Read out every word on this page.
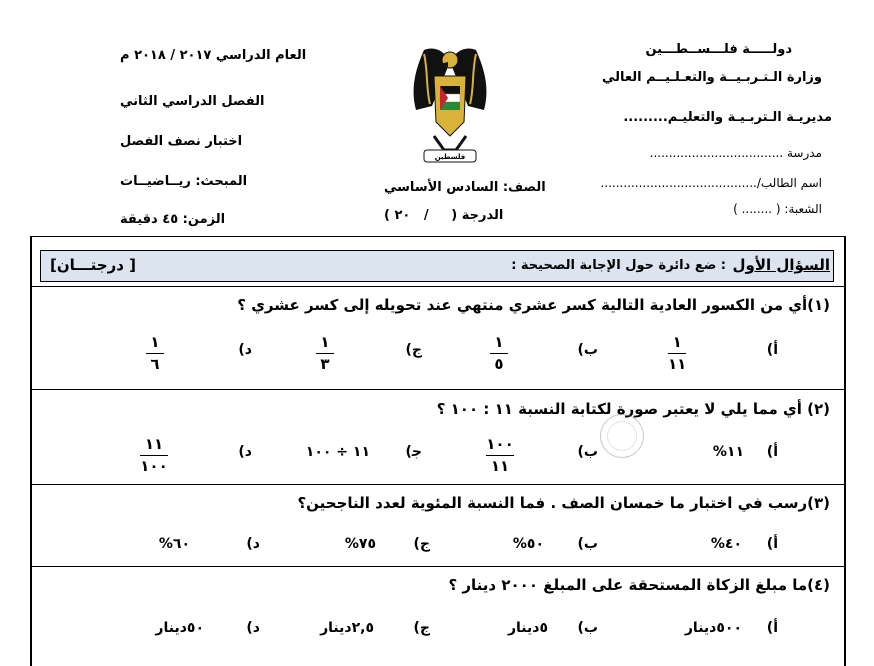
دولـــــة فلـــســطـــين
وزارة الـتـربـيــة والتعـلـيــم العالي
مديريـة الـتربـيـة والتعليـم.........
مدرسة ...................................
اسم الطالب/.........................................
الشعبة: ( ........ )
فلسطين
الصف: السادس الأساسي
الدرجة (     /   ٢٠ )
العام الدراسي ٢٠١٧ / ٢٠١٨ م
الفصل الدراسي الثاني
اختبار نصف الفصل
المبحث: ريــاضيــات
الزمن: ٤٥ دقيقة
السؤال الأول
: ضع دائرة حول الإجابة الصحيحة :
[ درجتـــان]
(١)أي من الكسور العادية التالية كسر عشري منتهي عند تحويله إلى كسر عشري ؟
أ)
١
١١
ب)
١
٥
ج)
١
٣
د)
١
٦
(٢) أي مما يلي لا يعتبر صورة لكتابة النسبة ١١ : ١٠٠ ؟
أ)
١١%
ب)
١٠٠
١١
ﺟ)
١١ ÷ ١٠٠
د)
١١
١٠٠
(٣)رسب في اختبار ما خمسان الصف . فما النسبة المئوية لعدد الناجحين؟
أ)
٤٠%
ب)
٥٠%
ج)
٧٥%
د)
٦٠%
(٤)ما مبلغ الزكاة المستحقة على المبلغ ٢٠٠٠ دينار ؟
أ)
٥٠٠دينار
ب)
٥دينار
ج)
٢,٥دينار
د)
٥٠دينار
